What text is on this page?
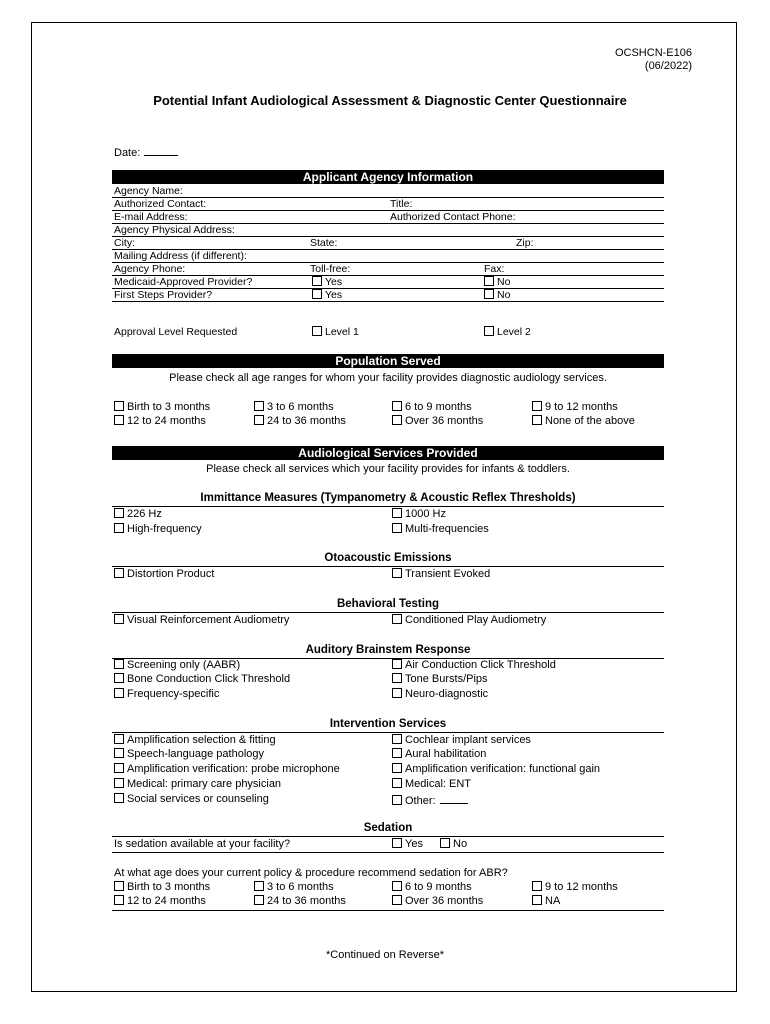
OCSHCN-E106
(06/2022)
Potential Infant Audiological Assessment & Diagnostic Center Questionnaire
Date:
Applicant Agency Information
Agency Name:
Authorized Contact:	Title:
E-mail Address:	Authorized Contact Phone:
Agency Physical Address:
City:	State:	Zip:
Mailing Address (if different):
Agency Phone:	Toll-free:	Fax:
Medicaid-Approved Provider?	Yes	No
First Steps Provider?	Yes	No
Approval Level Requested	Level 1	Level 2
Population Served
Please check all age ranges for whom your facility provides diagnostic audiology services.
Birth to 3 months	3 to 6 months	6 to 9 months	9 to 12 months
12 to 24 months	24 to 36 months	Over 36 months	None of the above
Audiological Services Provided
Please check all services which your facility provides for infants & toddlers.
Immittance Measures (Tympanometry & Acoustic Reflex Thresholds)
226 Hz	1000 Hz
High-frequency	Multi-frequencies
Otoacoustic Emissions
Distortion Product	Transient Evoked
Behavioral Testing
Visual Reinforcement Audiometry	Conditioned Play Audiometry
Auditory Brainstem Response
Screening only (AABR)	Air Conduction Click Threshold
Bone Conduction Click Threshold	Tone Bursts/Pips
Frequency-specific	Neuro-diagnostic
Intervention Services
Amplification selection & fitting	Cochlear implant services
Speech-language pathology	Aural habilitation
Amplification verification: probe microphone	Amplification verification: functional gain
Medical: primary care physician	Medical: ENT
Social services or counseling	Other:
Sedation
Is sedation available at your facility?	Yes	No
At what age does your current policy & procedure recommend sedation for ABR?
Birth to 3 months	3 to 6 months	6 to 9 months	9 to 12 months
12 to 24 months	24 to 36 months	Over 36 months	NA
*Continued on Reverse*
